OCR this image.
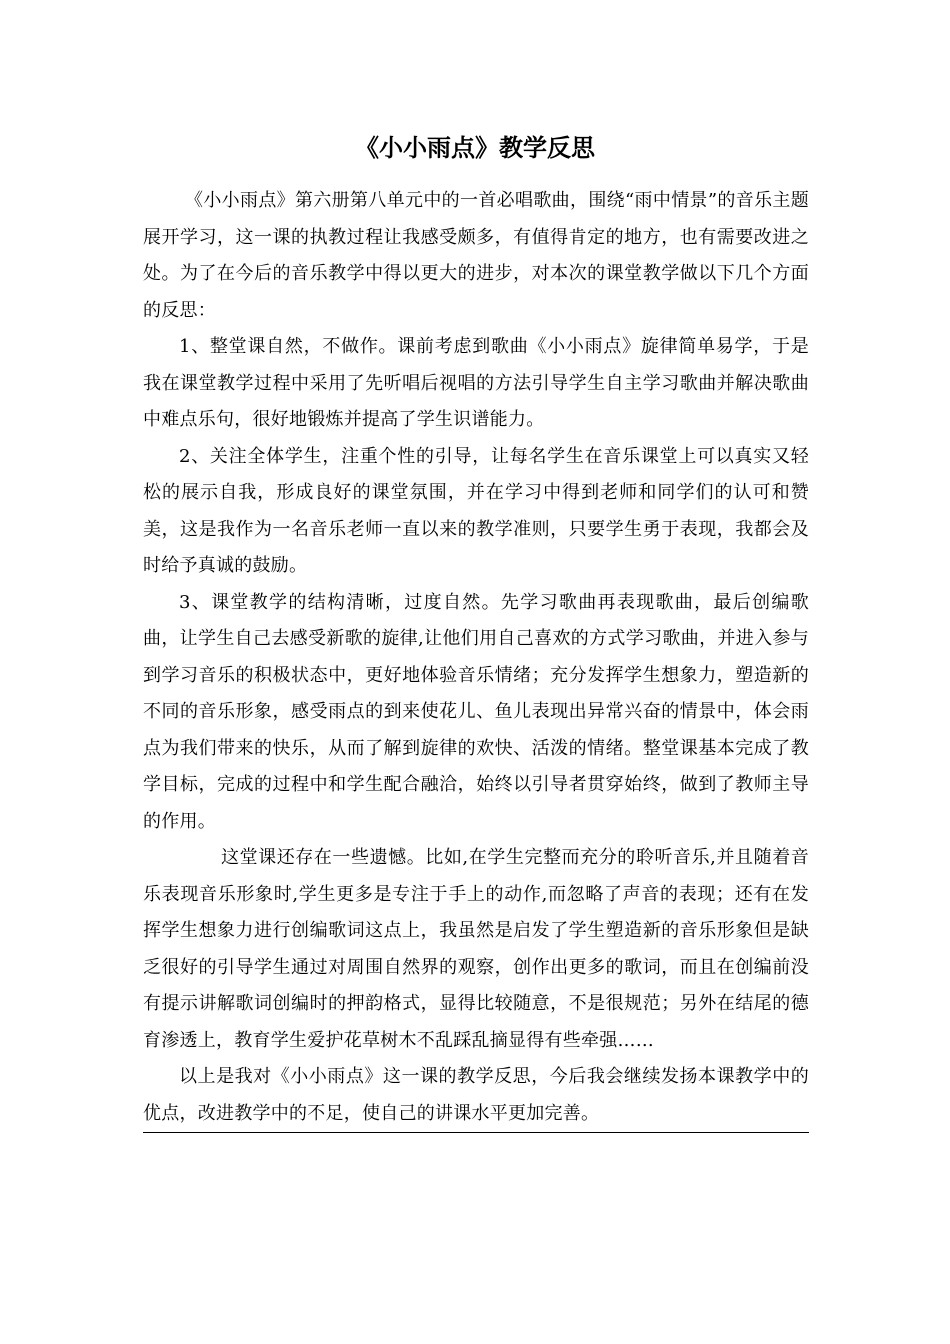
《小小雨点》教学反思

《小小雨点》第六册第八单元中的一首必唱歌曲，围绕“雨中情景”的音乐主题展开学习，这一课的执教过程让我感受颇多，有值得肯定的地方，也有需要改进之处。为了在今后的音乐教学中得以更大的进步，对本次的课堂教学做以下几个方面的反思：

1、整堂课自然，不做作。课前考虑到歌曲《小小雨点》旋律简单易学，于是我在课堂教学过程中采用了先听唱后视唱的方法引导学生自主学习歌曲并解决歌曲中难点乐句，很好地锻炼并提高了学生识谱能力。

2、关注全体学生，注重个性的引导，让每名学生在音乐课堂上可以真实又轻松的展示自我，形成良好的课堂氛围，并在学习中得到老师和同学们的认可和赞美，这是我作为一名音乐老师一直以来的教学准则，只要学生勇于表现，我都会及时给予真诚的鼓励。

3、课堂教学的结构清晰，过度自然。先学习歌曲再表现歌曲，最后创编歌曲，让学生自己去感受新歌的旋律,让他们用自己喜欢的方式学习歌曲，并进入参与到学习音乐的积极状态中，更好地体验音乐情绪；充分发挥学生想象力，塑造新的不同的音乐形象，感受雨点的到来使花儿、鱼儿表现出异常兴奋的情景中，体会雨点为我们带来的快乐，从而了解到旋律的欢快、活泼的情绪。整堂课基本完成了教学目标，完成的过程中和学生配合融洽，始终以引导者贯穿始终，做到了教师主导的作用。

这堂课还存在一些遗憾。比如,在学生完整而充分的聆听音乐,并且随着音乐表现音乐形象时,学生更多是专注于手上的动作,而忽略了声音的表现；还有在发挥学生想象力进行创编歌词这点上，我虽然是启发了学生塑造新的音乐形象但是缺乏很好的引导学生通过对周围自然界的观察，创作出更多的歌词，而且在创编前没有提示讲解歌词创编时的押韵格式，显得比较随意，不是很规范；另外在结尾的德育渗透上，教育学生爱护花草树木不乱踩乱摘显得有些牵强……

以上是我对《小小雨点》这一课的教学反思，今后我会继续发扬本课教学中的优点，改进教学中的不足，使自己的讲课水平更加完善。
